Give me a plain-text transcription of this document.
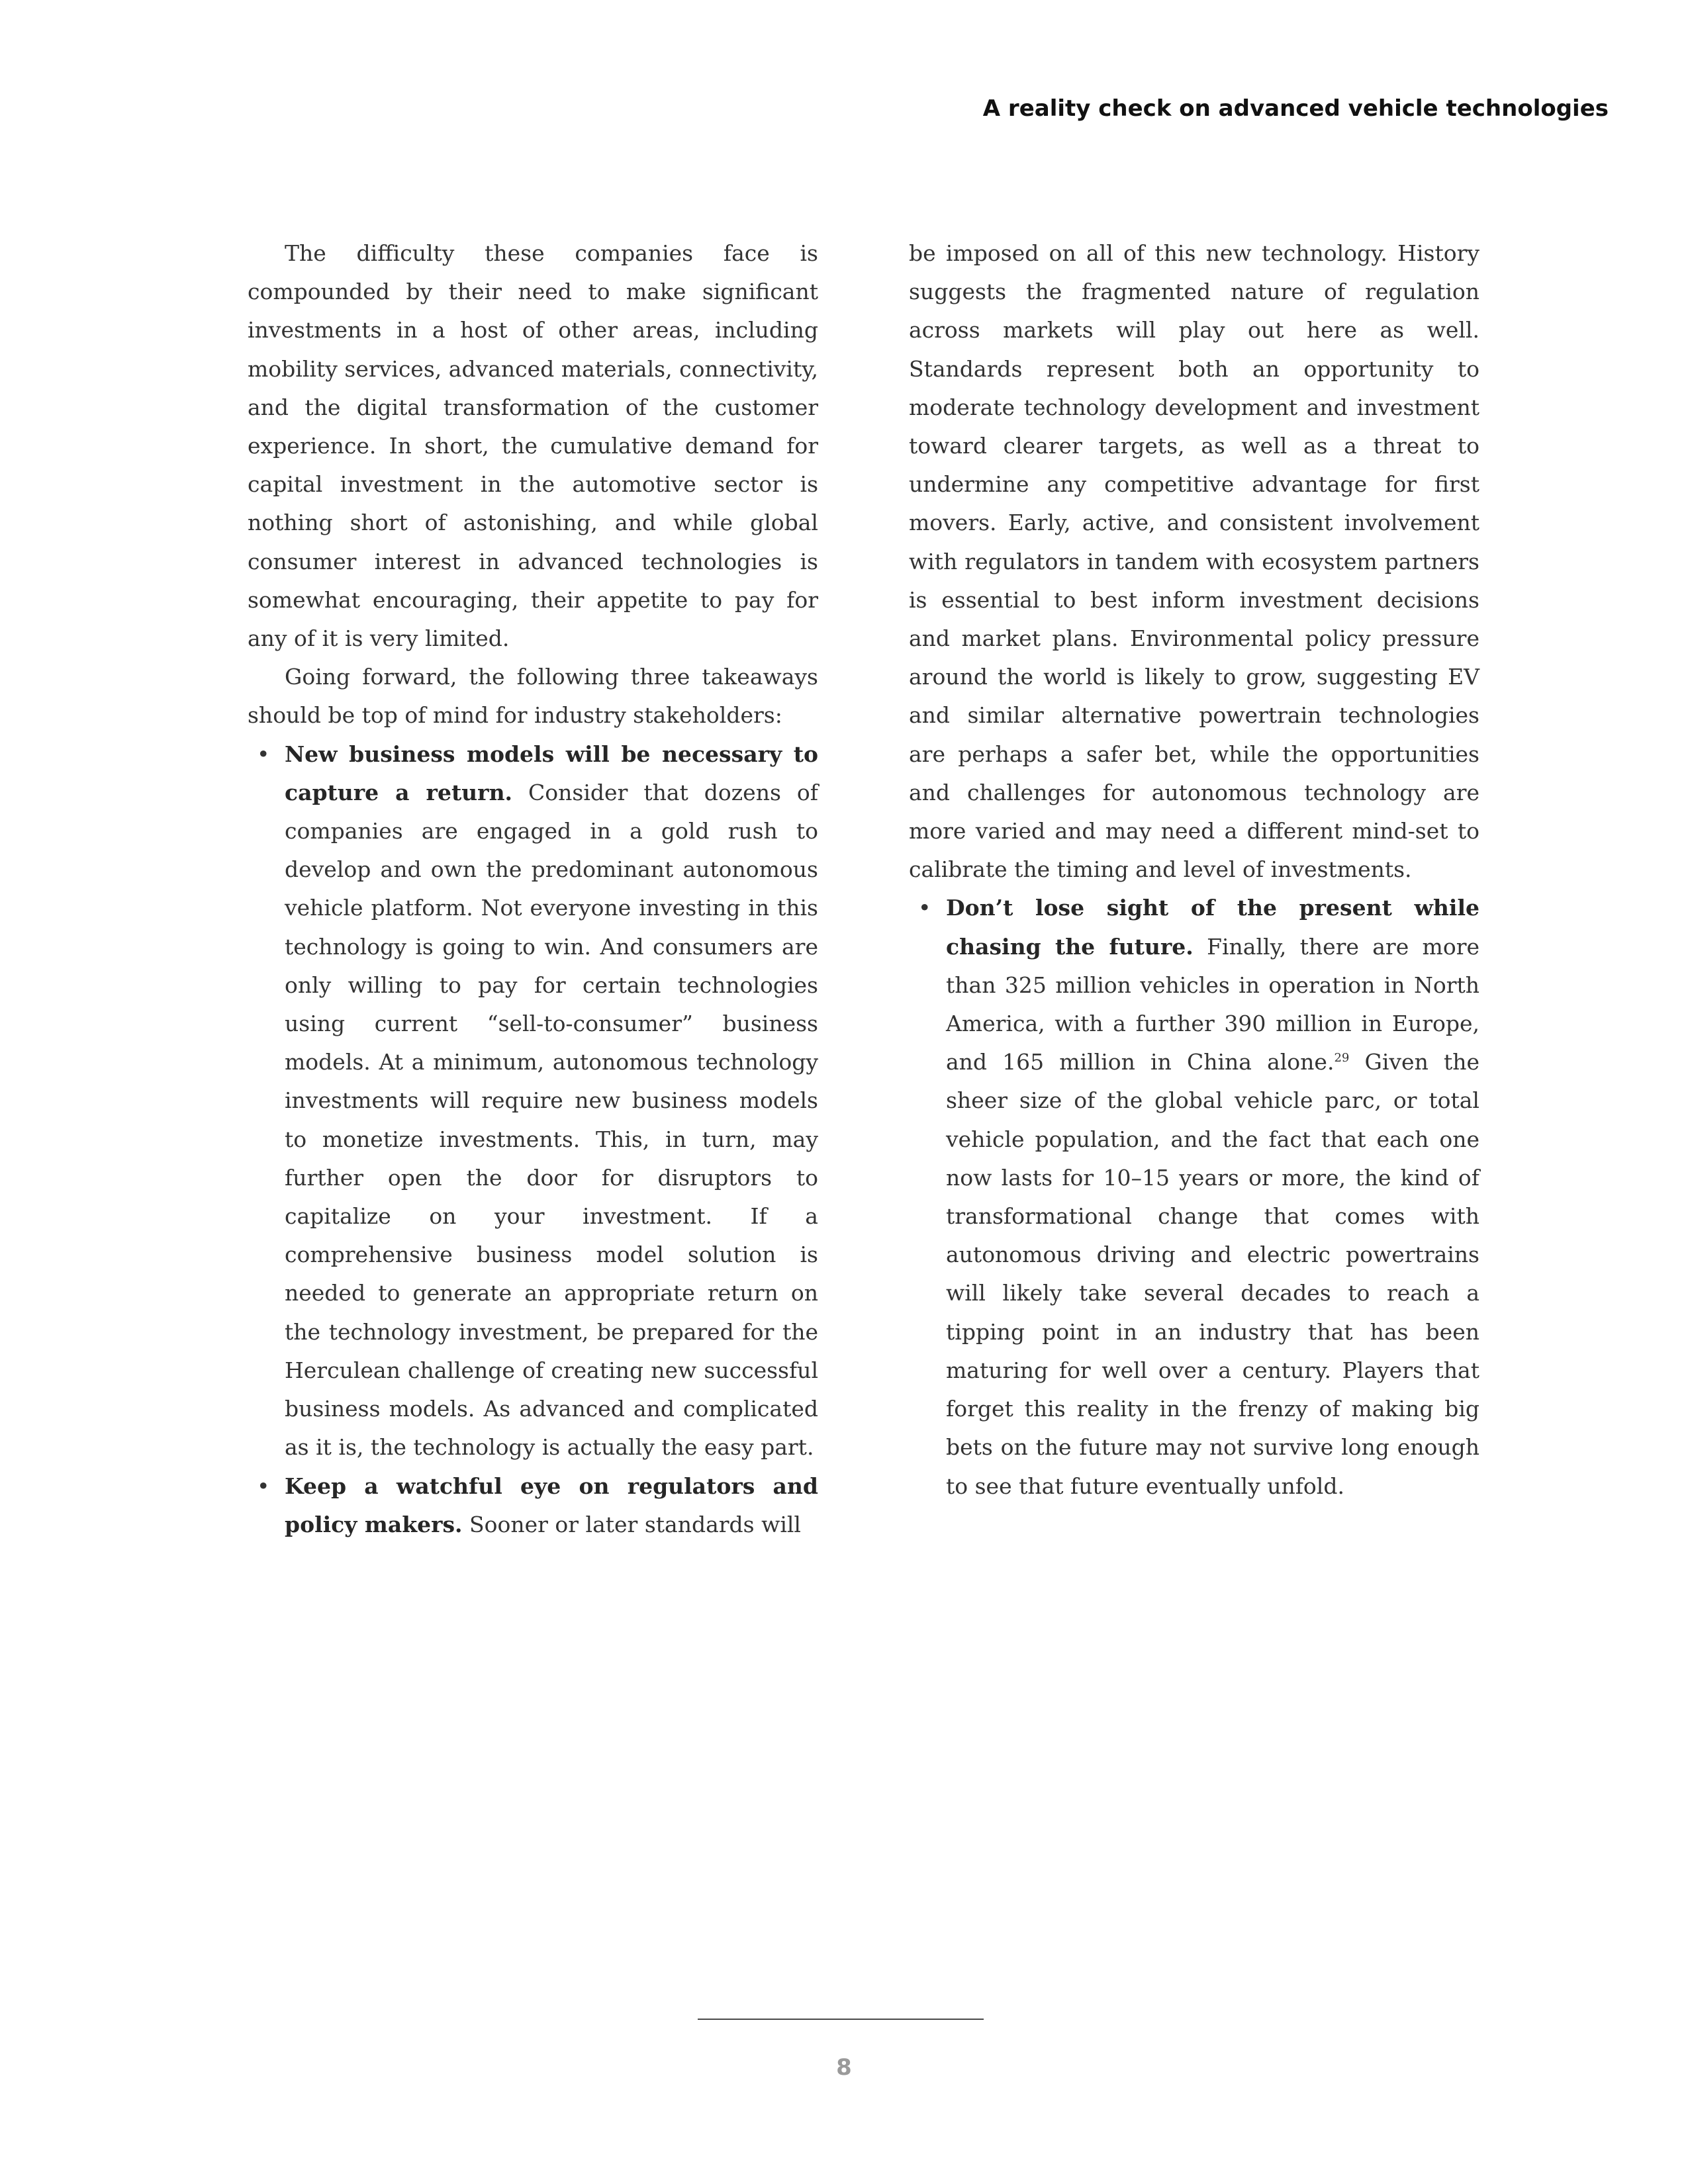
A reality check on advanced vehicle technologies

The difficulty these companies face is compounded by their need to make significant investments in a host of other areas, including mobility services, advanced materials, connectivity, and the digital transformation of the customer experience. In short, the cumulative demand for capital investment in the automotive sector is nothing short of astonishing, and while global consumer interest in advanced technologies is somewhat encouraging, their appetite to pay for any of it is very limited.

Going forward, the following three takeaways should be top of mind for industry stakeholders:

• New business models will be necessary to capture a return. Consider that dozens of companies are engaged in a gold rush to develop and own the predominant autonomous vehicle platform. Not everyone investing in this technology is going to win. And consumers are only willing to pay for certain technologies using current “sell-to-consumer” business models. At a minimum, autonomous technology investments will require new business models to monetize investments. This, in turn, may further open the door for disruptors to capitalize on your investment. If a comprehensive business model solution is needed to generate an appropriate return on the technology investment, be prepared for the Herculean challenge of creating new successful business models. As advanced and complicated as it is, the technology is actually the easy part.
• Keep a watchful eye on regulators and policy makers. Sooner or later standards will

be imposed on all of this new technology. History suggests the fragmented nature of regulation across markets will play out here as well. Standards represent both an opportunity to moderate technology development and investment toward clearer targets, as well as a threat to undermine any competitive advantage for first movers. Early, active, and consistent involvement with regulators in tandem with ecosystem partners is essential to best inform investment decisions and market plans. Environmental policy pressure around the world is likely to grow, suggesting EV and similar alternative powertrain technologies are perhaps a safer bet, while the opportunities and challenges for autonomous technology are more varied and may need a different mind-set to calibrate the timing and level of investments.

• Don’t lose sight of the present while chasing the future. Finally, there are more than 325 million vehicles in operation in North America, with a further 390 million in Europe, and 165 million in China alone.$^{29}$ Given the sheer size of the global vehicle parc, or total vehicle population, and the fact that each one now lasts for 10–15 years or more, the kind of transformational change that comes with autonomous driving and electric powertrains will likely take several decades to reach a tipping point in an industry that has been maturing for well over a century. Players that forget this reality in the frenzy of making big bets on the future may not survive long enough to see that future eventually unfold.
8
